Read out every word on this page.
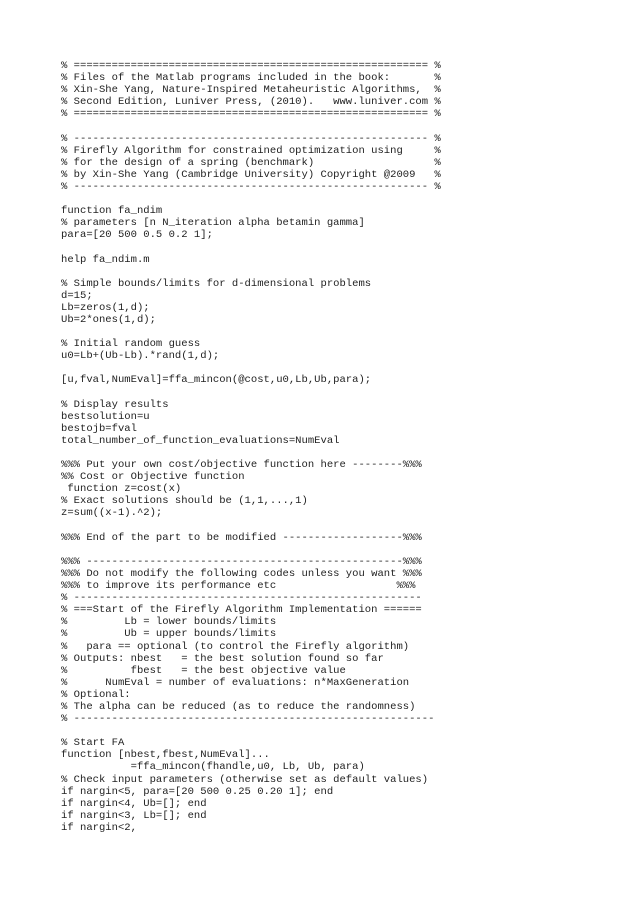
% ======================================================== %
% Files of the Matlab programs included in the book:       %
% Xin-She Yang, Nature-Inspired Metaheuristic Algorithms,  %
% Second Edition, Luniver Press, (2010).   www.luniver.com %
% ======================================================== %
% -------------------------------------------------------- %
% Firefly Algorithm for constrained optimization using     %
% for the design of a spring (benchmark)                   %
% by Xin-She Yang (Cambridge University) Copyright @2009   %
% -------------------------------------------------------- %
function fa_ndim
% parameters [n N_iteration alpha betamin gamma]
para=[20 500 0.5 0.2 1];
help fa_ndim.m
% Simple bounds/limits for d-dimensional problems
d=15;
Lb=zeros(1,d);
Ub=2*ones(1,d);
% Initial random guess
u0=Lb+(Ub-Lb).*rand(1,d);
[u,fval,NumEval]=ffa_mincon(@cost,u0,Lb,Ub,para);
% Display results
bestsolution=u
bestojb=fval
total_number_of_function_evaluations=NumEval
%%% Put your own cost/objective function here --------%%%
%% Cost or Objective function
function z=cost(x)
% Exact solutions should be (1,1,...,1)
z=sum((x-1).^2);
%%% End of the part to be modified -------------------%%%
%%% --------------------------------------------------%%%
%%% Do not modify the following codes unless you want %%%
%%% to improve its performance etc                   %%%
% -------------------------------------------------------
% ===Start of the Firefly Algorithm Implementation ======
%         Lb = lower bounds/limits
%         Ub = upper bounds/limits
%   para == optional (to control the Firefly algorithm)
% Outputs: nbest   = the best solution found so far
%          fbest   = the best objective value
%      NumEval = number of evaluations: n*MaxGeneration
% Optional:
% The alpha can be reduced (as to reduce the randomness)
% ---------------------------------------------------------
% Start FA
function [nbest,fbest,NumEval]...
=ffa_mincon(fhandle,u0, Lb, Ub, para)
% Check input parameters (otherwise set as default values)
if nargin<5, para=[20 500 0.25 0.20 1]; end
if nargin<4, Ub=[]; end
if nargin<3, Lb=[]; end
if nargin<2,
